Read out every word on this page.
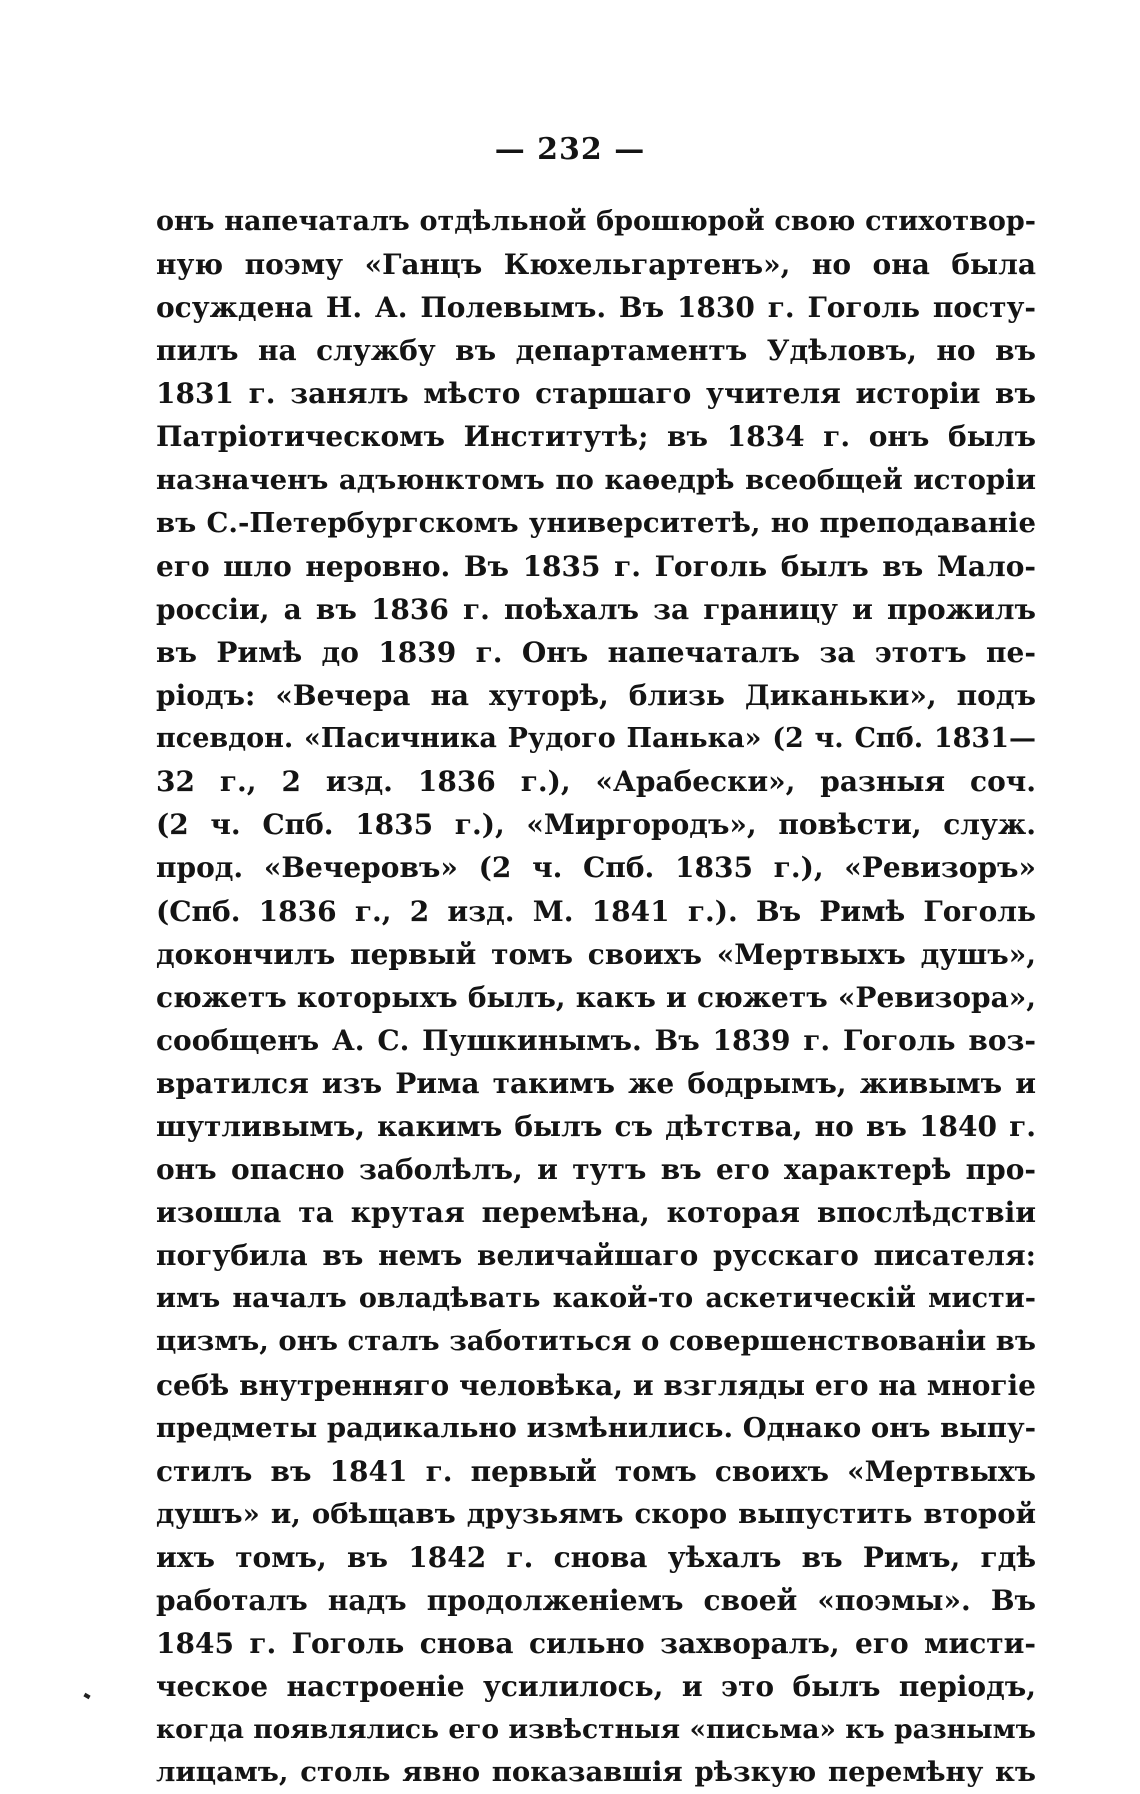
— 232 —
онъ напечаталъ отдѣльной брошюрой свою стихотвор-
ную поэму «Ганцъ Кюхельгартенъ», но она была
осуждена Н. А. Полевымъ. Въ 1830 г. Гоголь посту-
пилъ на службу въ департаментъ Удѣловъ, но въ
1831 г. занялъ мѣсто старшаго учителя исторіи въ
Патріотическомъ Институтѣ; въ 1834 г. онъ былъ
назначенъ адъюнктомъ по каѳедрѣ всеобщей исторіи
въ С.-Петербургскомъ университетѣ, но преподаваніе
его шло неровно. Въ 1835 г. Гоголь былъ въ Мало-
россіи, а въ 1836 г. поѣхалъ за границу и прожилъ
въ Римѣ до 1839 г. Онъ напечаталъ за этотъ пе-
ріодъ: «Вечера на хуторѣ, близь Диканьки», подъ
псевдон. «Пасичника Рудого Панька» (2 ч. Спб. 1831—
32 г., 2 изд. 1836 г.), «Арабески», разныя соч.
(2 ч. Спб. 1835 г.), «Миргородъ», повѣсти, служ.
прод. «Вечеровъ» (2 ч. Спб. 1835 г.), «Ревизоръ»
(Спб. 1836 г., 2 изд. М. 1841 г.). Въ Римѣ Гоголь
докончилъ первый томъ своихъ «Мертвыхъ душъ»,
сюжетъ которыхъ былъ, какъ и сюжетъ «Ревизора»,
сообщенъ А. С. Пушкинымъ. Въ 1839 г. Гоголь воз-
вратился изъ Рима такимъ же бодрымъ, живымъ и
шутливымъ, какимъ былъ съ дѣтства, но въ 1840 г.
онъ опасно заболѣлъ, и тутъ въ его характерѣ про-
изошла та крутая перемѣна, которая впослѣдствіи
погубила въ немъ величайшаго русскаго писателя:
имъ началъ овладѣвать какой-то аскетическій мисти-
цизмъ, онъ сталъ заботиться о совершенствованіи въ
себѣ внутренняго человѣка, и взгляды его на многіе
предметы радикально измѣнились. Однако онъ выпу-
стилъ въ 1841 г. первый томъ своихъ «Мертвыхъ
душъ» и, обѣщавъ друзьямъ скоро выпустить второй
ихъ томъ, въ 1842 г. снова уѣхалъ въ Римъ, гдѣ
работалъ надъ продолженіемъ своей «поэмы». Въ
1845 г. Гоголь снова сильно захворалъ, его мисти-
ческое настроеніе усилилось, и это былъ періодъ,
когда появлялись его извѣстныя «письма» къ разнымъ
лицамъ, столь явно показавшія рѣзкую перемѣну къ
